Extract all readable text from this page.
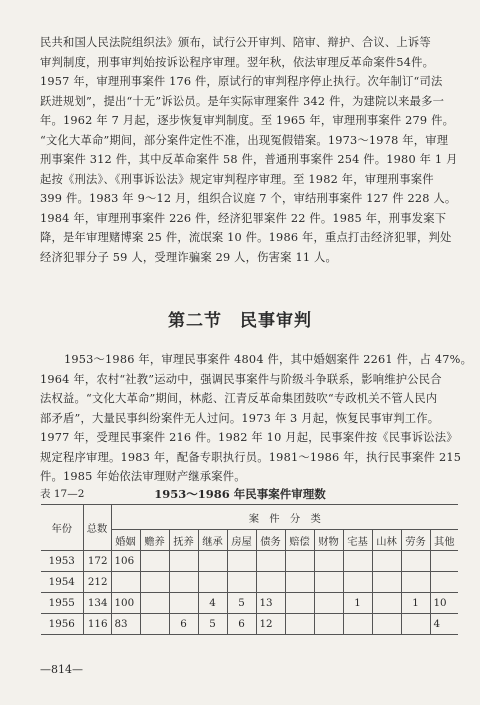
民共和国人民法院组织法》颁布，试行公开审判、陪审、辩护、合议、上诉等
审判制度，刑事审判始按诉讼程序审理。翌年秋，依法审理反革命案件54件。
1957 年，审理刑事案件 176 件，原试行的审判程序停止执行。次年制订“司法
跃进规划”，提出“十无”诉讼员。是年实际审理案件 342 件，为建院以来最多一
年。1962 年 7 月起，逐步恢复审判制度。至 1965 年，审理刑事案件 279 件。
“文化大革命”期间，部分案件定性不准，出现冤假错案。1973～1978 年，审理
刑事案件 312 件，其中反革命案件 58 件，普通刑事案件 254 件。1980 年 1 月
起按《刑法》、《刑事诉讼法》规定审判程序审理。至 1982 年，审理刑事案件
399 件。1983 年 9～12 月，组织合议庭 7 个，审结刑事案件 127 件 228 人。
1984 年，审理刑事案件 226 件，经济犯罪案件 22 件。1985 年，刑事发案下
降，是年审理赌博案 25 件，流氓案 10 件。1986 年，重点打击经济犯罪，判处
经济犯罪分子 59 人，受理诈骗案 29 人，伤害案 11 人。
第二节　民事审判
1953～1986 年，审理民事案件 4804 件，其中婚姻案件 2261 件，占 47%。
1964 年，农村“社教”运动中，强调民事案件与阶级斗争联系，影响维护公民合
法权益。“文化大革命”期间，林彪、江青反革命集团鼓吹“专政机关不管人民内
部矛盾”，大量民事纠纷案件无人过问。1973 年 3 月起，恢复民事审判工作。
1977 年，受理民事案件 216 件。1982 年 10 月起，民事案件按《民事诉讼法》
规定程序审理。1983 年，配备专职执行员。1981～1986 年，执行民事案件 215
件。1985 年始依法审理财产继承案件。
表 17—2	1953～1986 年民事案件审理数
年份	总数	案　件　分　类											
		婚姻	赡养	抚养	继承	房屋	债务	赔偿	财物	宅基	山林	劳务	其他
1953	172	106											
1954	212												
1955	134	100			4	5	13			1		1	10
1956	116	83		6	5	6	12						4
—814—
